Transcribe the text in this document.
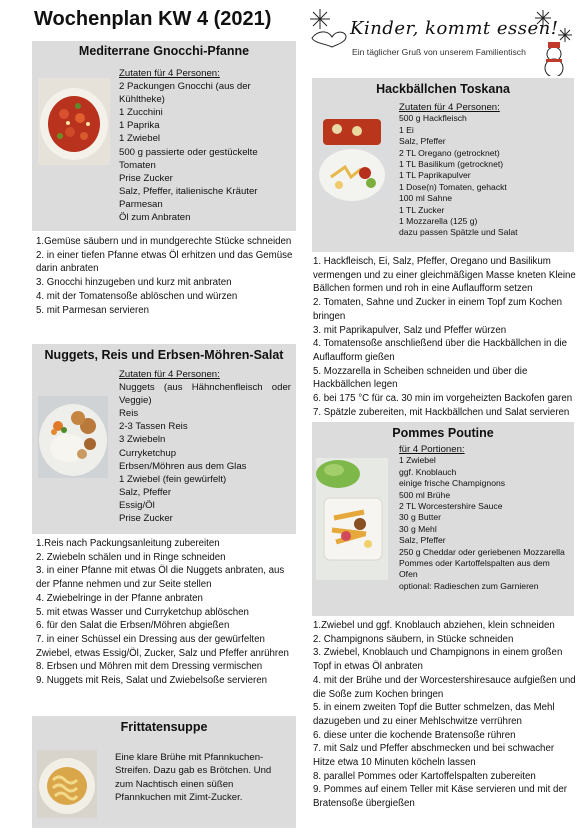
Wochenplan KW 4 (2021)	Kinder, kommt essen!
Ein täglicher Gruß von unserem Familientisch
Mediterrane Gnocchi-Pfanne
Zutaten für 4 Personen:
2 Packungen Gnocchi (aus der Kühltheke)
1 Zucchini
1 Paprika
1 Zwiebel
500 g passierte oder gestückelte Tomaten
Prise Zucker
Salz, Pfeffer, italienische Kräuter
Parmesan
Öl zum Anbraten
1.Gemüse säubern und in mundgerechte Stücke schneiden
2. in einer tiefen Pfanne etwas Öl erhitzen und das Gemüse darin anbraten
3. Gnocchi hinzugeben und kurz mit anbraten
4. mit der Tomatensoße ablöschen und würzen
5. mit Parmesan servieren
Nuggets, Reis und Erbsen-Möhren-Salat
Zutaten für 4 Personen:
Nuggets (aus Hähnchenfleisch oder Veggie)
Reis
2-3 Tassen Reis
3 Zwiebeln
Curryketchup
Erbsen/Möhren aus dem Glas
1 Zwiebel (fein gewürfelt)
Salz, Pfeffer
Essig/Öl
Prise Zucker
1.Reis nach Packungsanleitung zubereiten
2. Zwiebeln schälen und in Ringe schneiden
3. in einer Pfanne mit etwas Öl die Nuggets anbraten, aus der Pfanne nehmen und zur Seite stellen
4. Zwiebelringe in der Pfanne anbraten
5. mit etwas Wasser und Curryketchup ablöschen
6. für den Salat die Erbsen/Möhren abgießen
7. in einer Schüssel ein Dressing aus der gewürfelten Zwiebel, etwas Essig/Öl, Zucker, Salz und Pfeffer anrühren
8. Erbsen und Möhren mit dem Dressing vermischen
9. Nuggets mit Reis, Salat und Zwiebelsoße servieren
Frittatensuppe
Eine klare Brühe mit Pfannkuchen-Streifen. Dazu gab es Brötchen. Und zum Nachtisch einen süßen Pfannkuchen mit Zimt-Zucker.
Hackbällchen Toskana
Zutaten für 4 Personen:
500 g Hackfleisch
1 Ei
Salz, Pfeffer
2 TL Oregano (getrocknet)
1 TL Basilikum (getrocknet)
1 TL Paprikapulver
1 Dose(n) Tomaten, gehackt
100 ml Sahne
1 TL Zucker
1 Mozzarella (125 g)
dazu passen Spätzle und Salat
1. Hackfleisch, Ei, Salz, Pfeffer, Oregano und Basilikum vermengen und zu einer gleichmäßigen Masse kneten Kleine Bällchen formen und roh in eine Auflaufform setzen
2. Tomaten, Sahne und Zucker in einem Topf zum Kochen bringen
3. mit Paprikapulver, Salz und Pfeffer würzen
4. Tomatensoße anschließend über die Hackbällchen in die Auflaufform gießen
5. Mozzarella in Scheiben schneiden und über die Hackbällchen legen
6. bei 175 °C für ca. 30 min im vorgeheizten Backofen garen
7. Spätzle zubereiten, mit Hackbällchen und Salat servieren
Pommes Poutine
für 4 Portionen:
1 Zwiebel
ggf. Knoblauch
einige frische Champignons
500 ml Brühe
2 TL Worcestershire Sauce
30 g Butter
30 g Mehl
Salz, Pfeffer
250 g Cheddar oder geriebenen Mozzarella
Pommes oder Kartoffelspalten aus dem Ofen
optional: Radieschen zum Garnieren
1.Zwiebel und ggf. Knoblauch abziehen, klein schneiden
2. Champignons säubern, in Stücke schneiden
3. Zwiebel, Knoblauch und Champignons in einem großen Topf in etwas Öl anbraten
4. mit der Brühe und der Worcestershiresauce aufgießen und die Soße zum Kochen bringen
5. in einem zweiten Topf die Butter schmelzen, das Mehl dazugeben und zu einer Mehlschwitze verrühren
6. diese unter die kochende Bratensoße rühren
7. mit Salz und Pfeffer abschmecken und bei schwacher Hitze etwa 10 Minuten köcheln lassen
8. parallel Pommes oder Kartoffelspalten zubereiten
9. Pommes auf einem Teller mit Käse servieren und mit der Bratensoße übergießen
